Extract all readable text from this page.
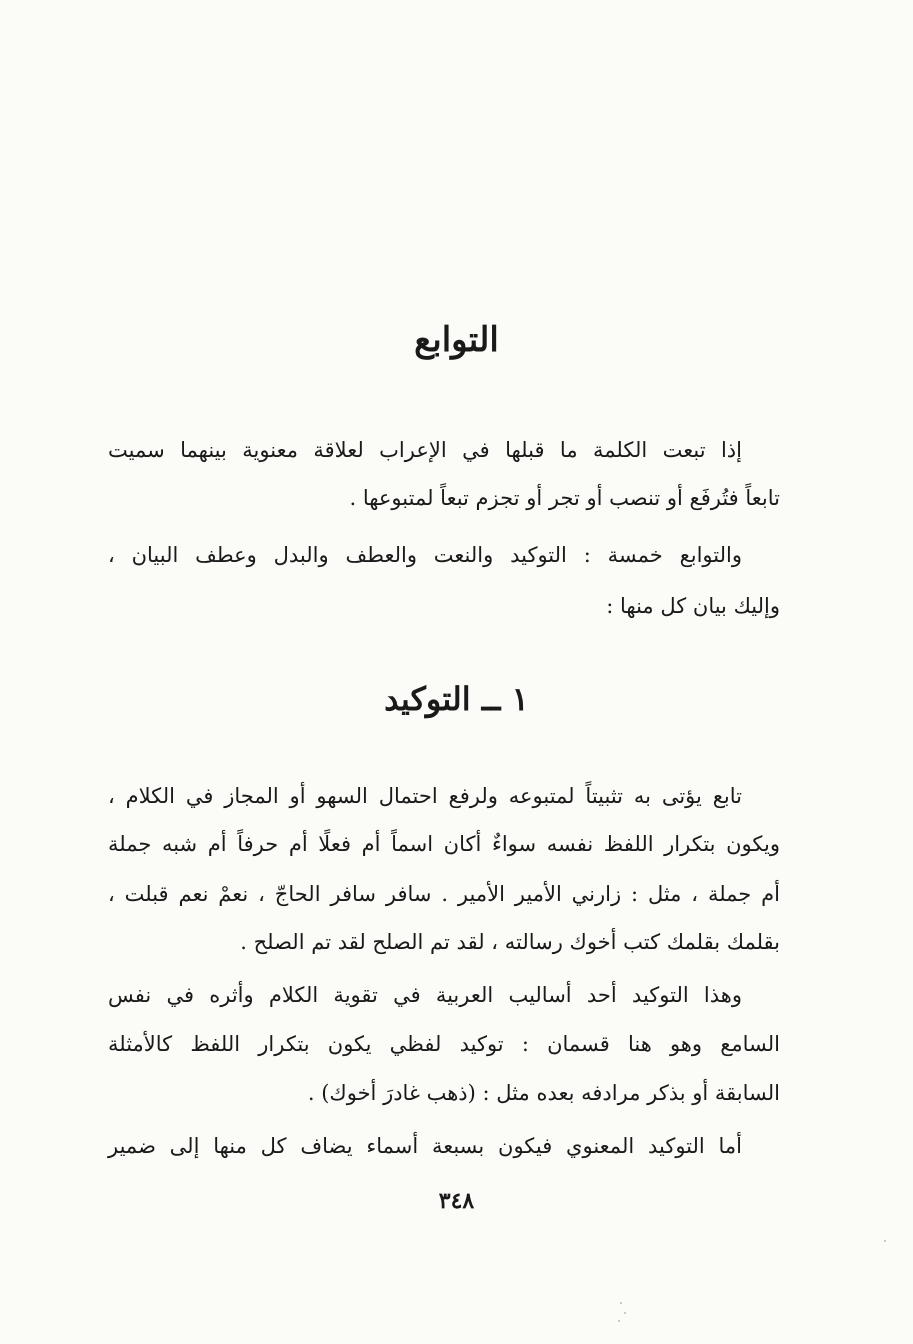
التوابع
إذا تبعت الكلمة ما قبلها في الإعراب لعلاقة معنوية بينهما سميت
تابعاً فتُرفَع أو تنصب أو تجر أو تجزم تبعاً لمتبوعها .
والتوابع خمسة : التوكيد والنعت والعطف والبدل وعطف البيان ،
وإليك بيان كل منها :
١ ــ التوكيد
تابع يؤتى به تثبيتاً لمتبوعه ولرفع احتمال السهو أو المجاز في الكلام ،
ويكون بتكرار اللفظ نفسه سواءٌ أكان اسماً أم فعلًا أم حرفاً أم شبه جملة
أم جملة ، مثل : زارني الأمير الأمير . سافر سافر الحاجّ ، نعمْ نعم قبلت ،
بقلمك بقلمك كتب أخوك رسالته ، لقد تم الصلح لقد تم الصلح .
وهذا التوكيد أحد أساليب العربية في تقوية الكلام وأثره في نفس
السامع وهو هنا قسمان : توكيد لفظي يكون بتكرار اللفظ كالأمثلة
السابقة أو بذكر مرادفه بعده مثل : (ذهب غادرَ أخوك) .
أما التوكيد المعنوي فيكون بسبعة أسماء يضاف كل منها إلى ضمير
٣٤٨
